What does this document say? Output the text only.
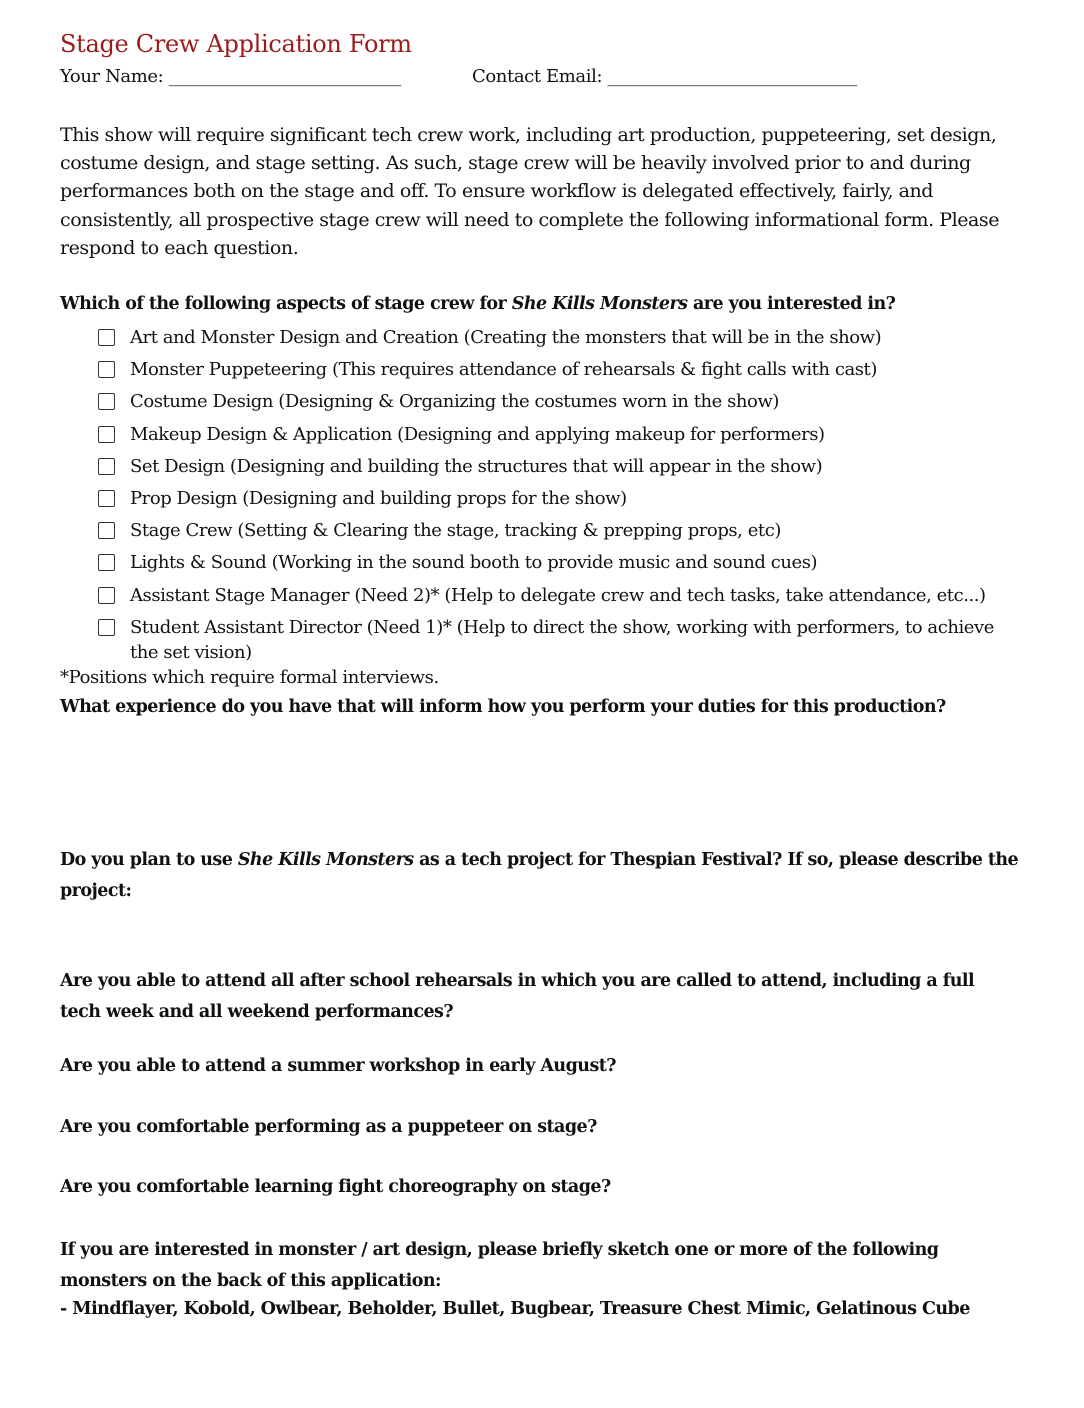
Stage Crew Application Form
Your Name: ___________________________	Contact Email: _____________________________
This show will require significant tech crew work, including art production, puppeteering, set design, costume design, and stage setting. As such, stage crew will be heavily involved prior to and during performances both on the stage and off. To ensure workflow is delegated effectively, fairly, and consistently, all prospective stage crew will need to complete the following informational form. Please respond to each question.
Which of the following aspects of stage crew for She Kills Monsters are you interested in?
Art and Monster Design and Creation (Creating the monsters that will be in the show)
Monster Puppeteering (This requires attendance of rehearsals & fight calls with cast)
Costume Design (Designing & Organizing the costumes worn in the show)
Makeup Design & Application (Designing and applying makeup for performers)
Set Design (Designing and building the structures that will appear in the show)
Prop Design (Designing and building props for the show)
Stage Crew (Setting & Clearing the stage, tracking & prepping props, etc)
Lights & Sound (Working in the sound booth to provide music and sound cues)
Assistant Stage Manager (Need 2)* (Help to delegate crew and tech tasks, take attendance, etc...)
Student Assistant Director (Need 1)* (Help to direct the show, working with performers, to achieve the set vision)
*Positions which require formal interviews.
What experience do you have that will inform how you perform your duties for this production?
Do you plan to use She Kills Monsters as a tech project for Thespian Festival? If so, please describe the project:
Are you able to attend all after school rehearsals in which you are called to attend, including a full tech week and all weekend performances?
Are you able to attend a summer workshop in early August?
Are you comfortable performing as a puppeteer on stage?
Are you comfortable learning fight choreography on stage?
If you are interested in monster / art design, please briefly sketch one or more of the following monsters on the back of this application:
- Mindflayer, Kobold, Owlbear, Beholder, Bullet, Bugbear, Treasure Chest Mimic, Gelatinous Cube
